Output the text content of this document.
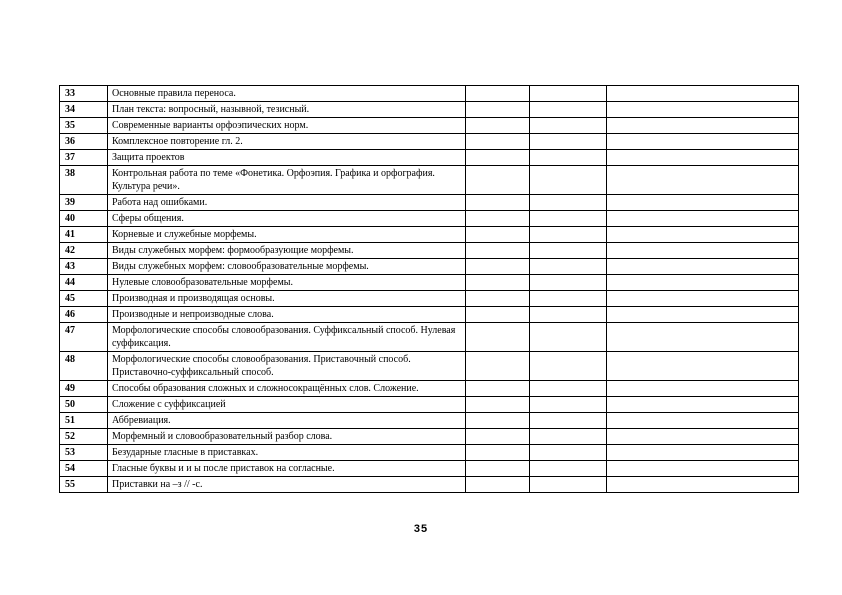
33	Основные правила переноса.			
34	План текста: вопросный, назывной, тезисный.			
35	Современные варианты орфоэпических норм.			
36	Комплексное повторение гл. 2.			
37	Защита проектов			
38	Контрольная работа по теме «Фонетика. Орфоэпия. Графика и орфография. Культура речи».			
39	Работа над ошибками.			
40	Сферы общения.			
41	Корневые и служебные морфемы.			
42	Виды служебных морфем: формообразующие морфемы.			
43	Виды служебных морфем: словообразовательные морфемы.			
44	Нулевые словообразовательные морфемы.			
45	Производная и производящая основы.			
46	Производные и непроизводные слова.			
47	Морфологические способы словообразования. Суффиксальный способ. Нулевая суффиксация.			
48	Морфологические способы словообразования. Приставочный способ. Приставочно-суффиксальный способ.			
49	Способы образования сложных и сложносокращённых слов. Сложение.			
50	Сложение с суффиксацией			
51	Аббревиация.			
52	Морфемный и словообразовательный разбор слова.			
53	Безударные гласные в приставках.			
54	Гласные буквы и и ы после приставок на согласные.			
55	Приставки на –з // -с.			
35
